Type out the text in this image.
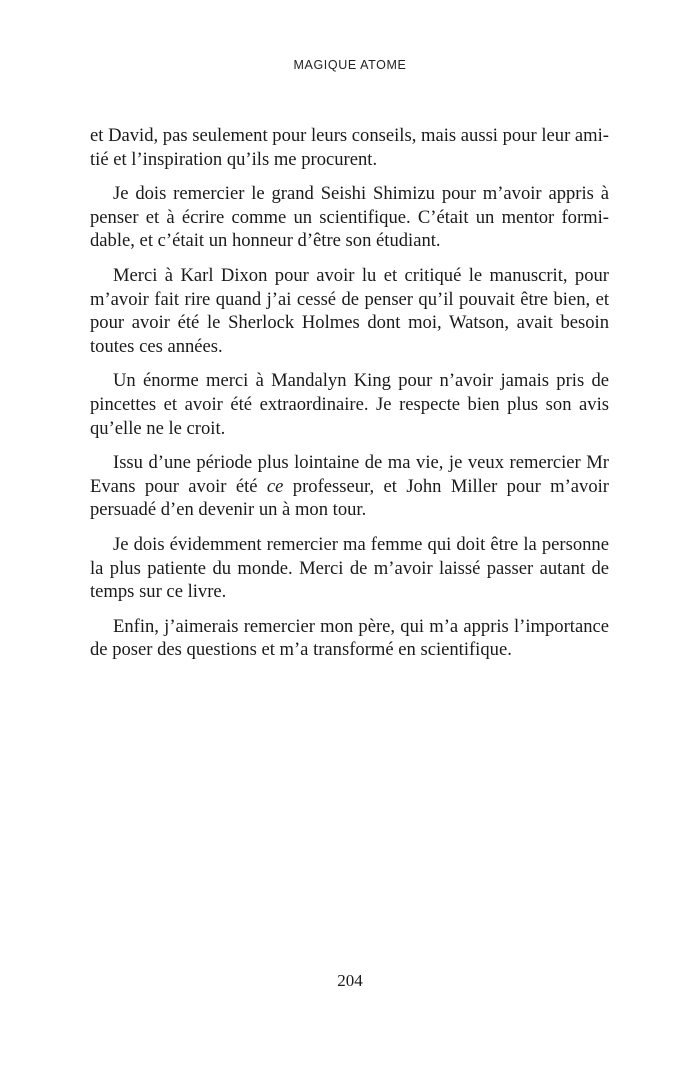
MAGIQUE ATOME

et David, pas seulement pour leurs conseils, mais aussi pour leur amitié et l’inspiration qu’ils me procurent.

Je dois remercier le grand Seishi Shimizu pour m’avoir appris à penser et à écrire comme un scientifique. C’était un mentor formidable, et c’était un honneur d’être son étudiant.

Merci à Karl Dixon pour avoir lu et critiqué le manuscrit, pour m’avoir fait rire quand j’ai cessé de penser qu’il pouvait être bien, et pour avoir été le Sherlock Holmes dont moi, Watson, avait besoin toutes ces années.

Un énorme merci à Mandalyn King pour n’avoir jamais pris de pincettes et avoir été extraordinaire. Je respecte bien plus son avis qu’elle ne le croit.

Issu d’une période plus lointaine de ma vie, je veux remercier Mr Evans pour avoir été ce professeur, et John Miller pour m’avoir persuadé d’en devenir un à mon tour.

Je dois évidemment remercier ma femme qui doit être la personne la plus patiente du monde. Merci de m’avoir laissé passer autant de temps sur ce livre.

Enfin, j’aimerais remercier mon père, qui m’a appris l’importance de poser des questions et m’a transformé en scientifique.

204
